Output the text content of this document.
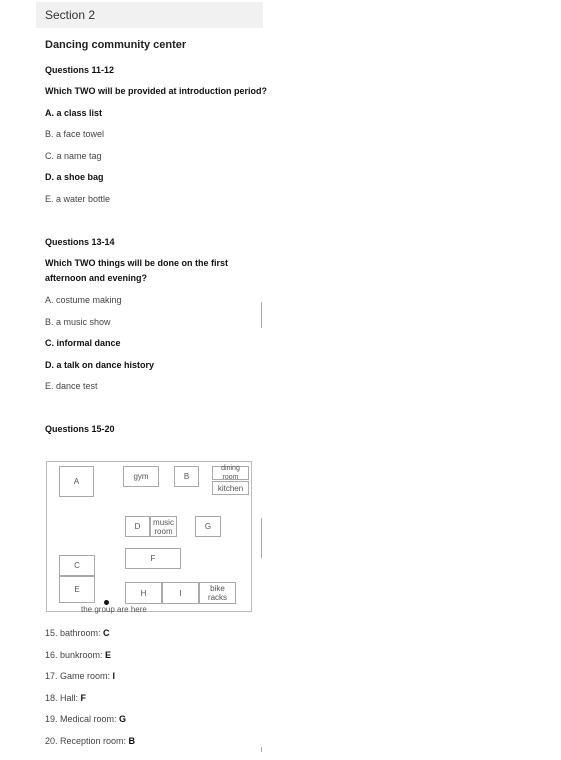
Section 2
Dancing community center
Questions 11-12
Which TWO will be provided at introduction period?
A. a class list
B. a face towel
C. a name tag
D. a shoe bag
E. a water bottle
Questions 13-14
Which TWO things will be done on the first afternoon and evening?
A. costume making
B. a music show
C. informal dance
D. a talk on dance history
E. dance test
Questions 15-20
A
gym	B
dining room
kitchen
D	music room	G
F
C
E	H	I	bike racks
the group are here
15. bathroom: C
16. bunkroom: E
17. Game room: I
18. Hall: F
19. Medical room: G
20. Reception room: B
